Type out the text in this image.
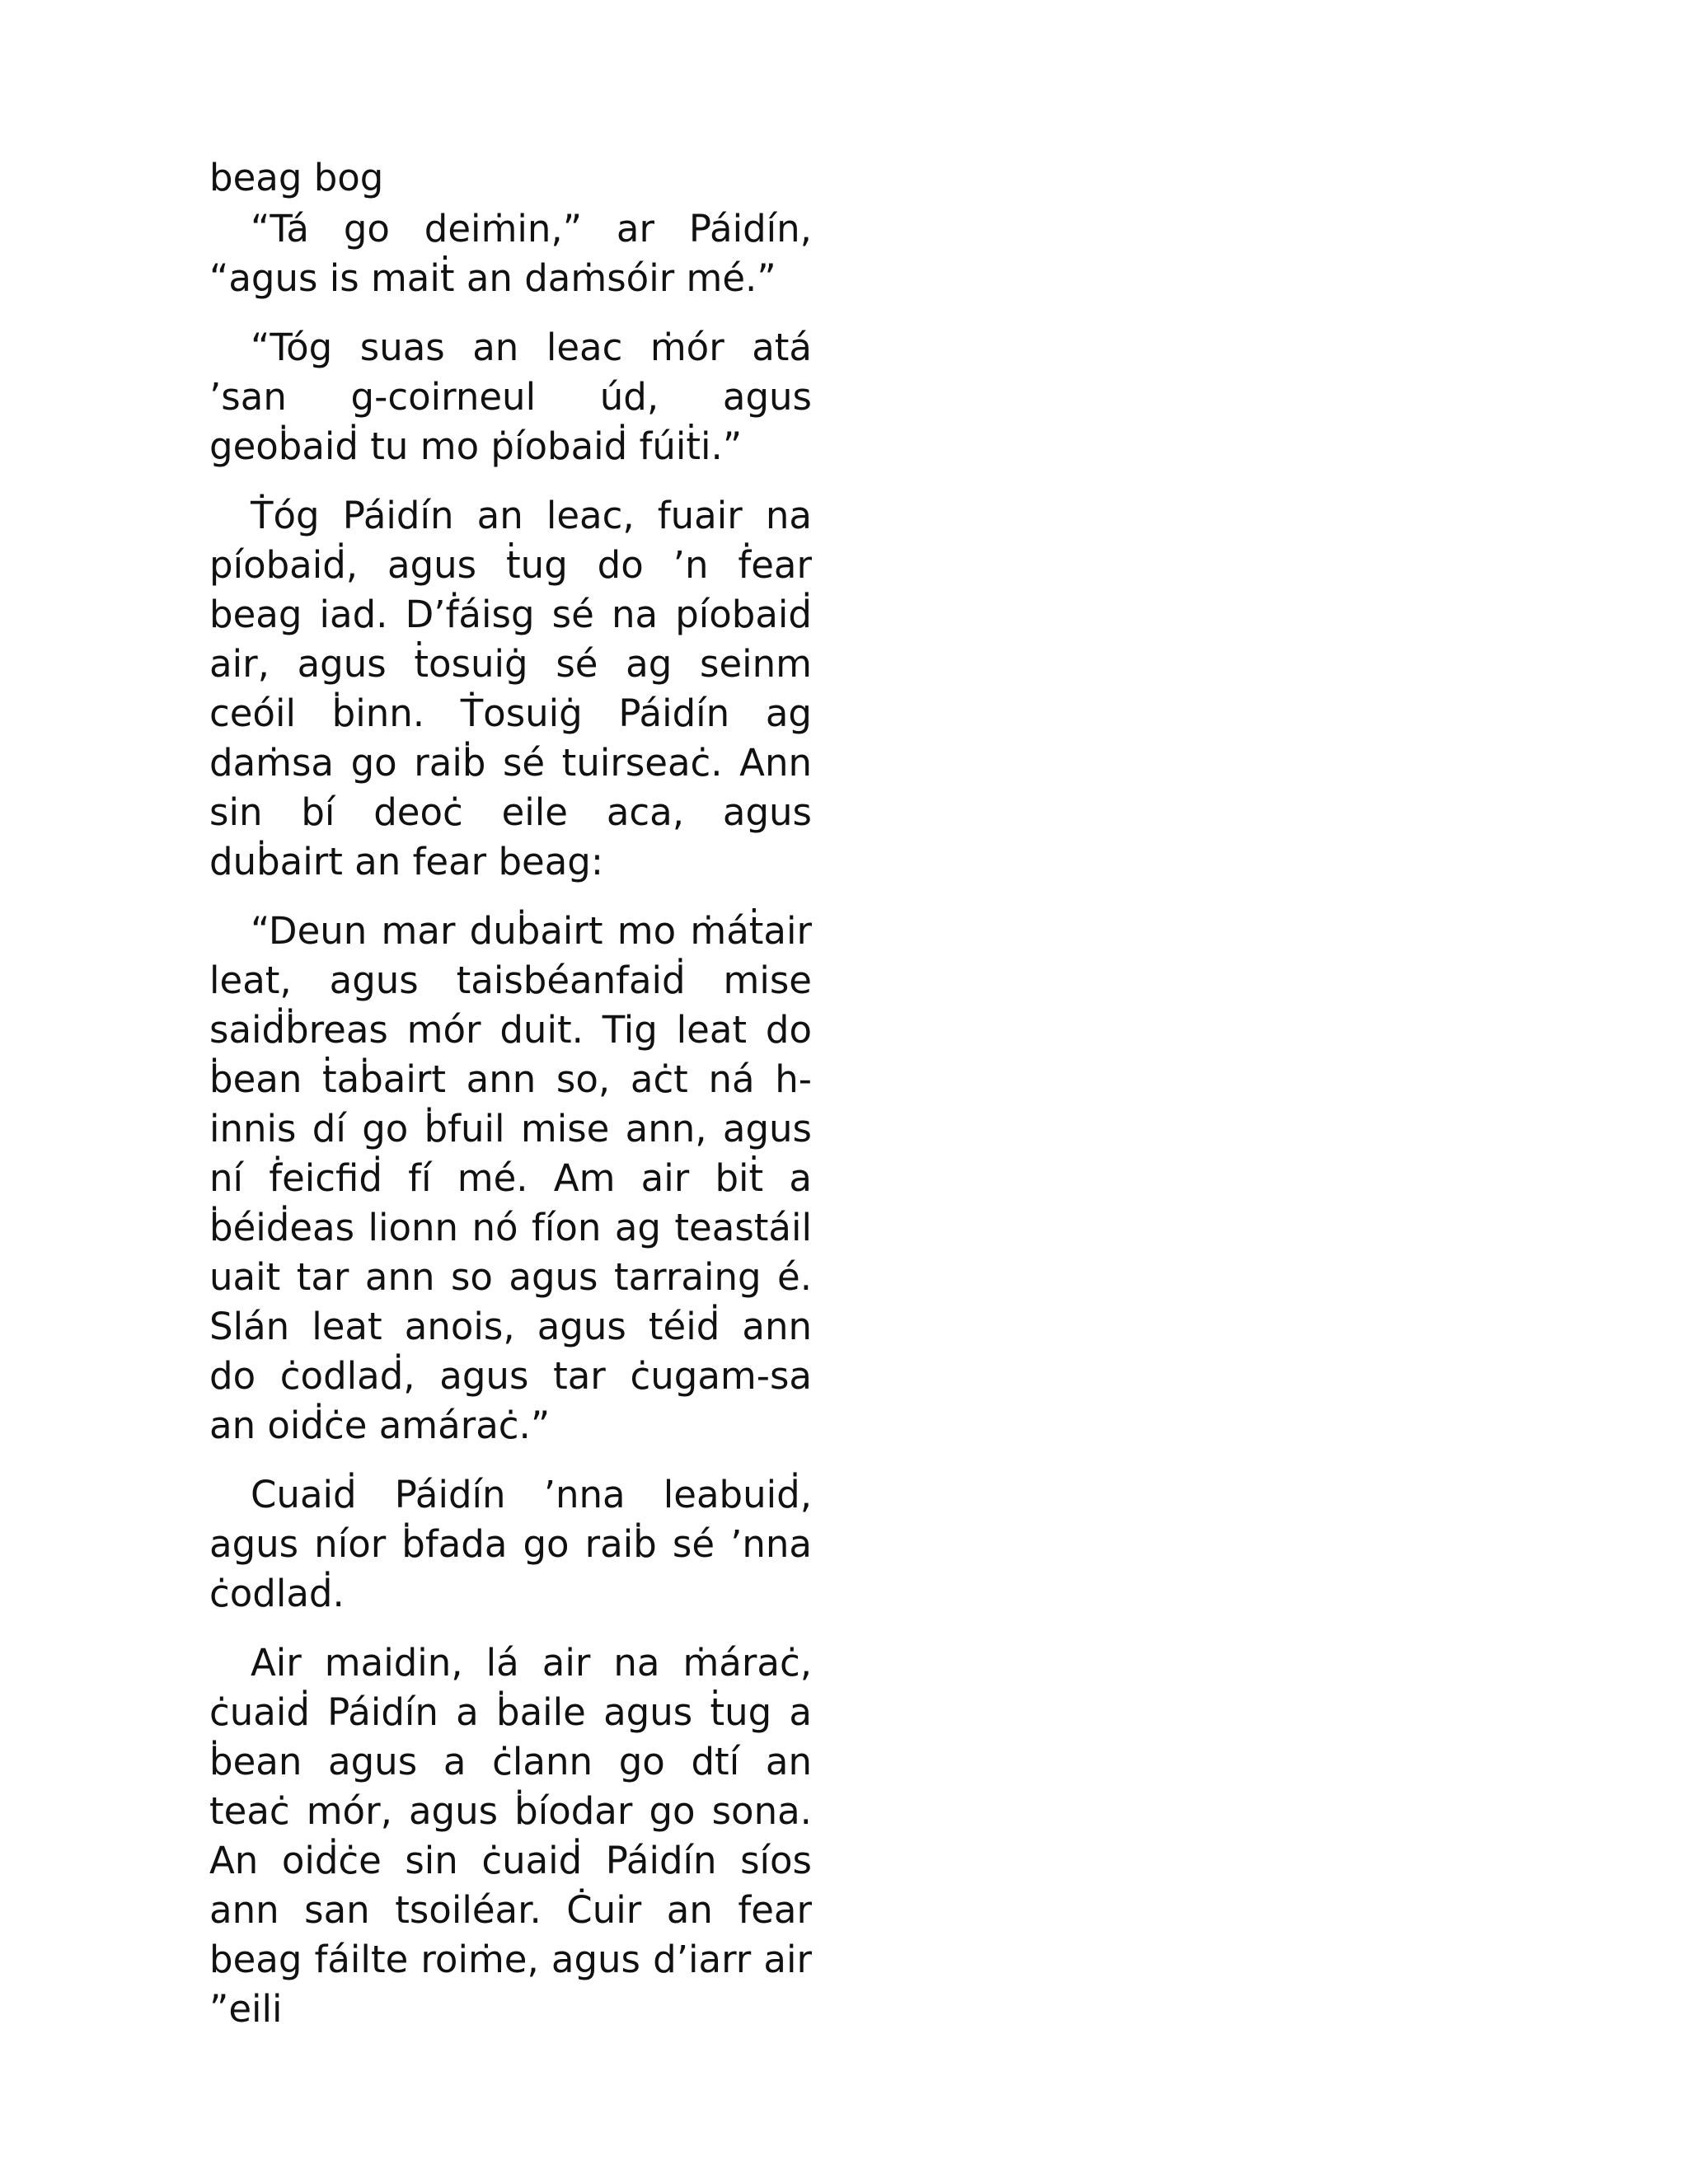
beag bog

“Tá go deiṁin,” ar Páidín, “agus is maiṫ an daṁsóir mé.”

“Tóg suas an leac ṁór atá ’san g-coirneul úd, agus geoḃaiḋ tu mo ṗíobaiḋ fúiṫi.”

Ṫóg Páidín an leac, fuair na píobaiḋ, agus ṫug do ’n ḟear beag iad. D’ḟáisg sé na píobaiḋ air, agus ṫosuiġ sé ag seinm ceóil ḃinn. Ṫosuiġ Páidín ag daṁsa go raiḃ sé tuirseaċ. Ann sin bí deoċ eile aca, agus duḃairt an fear beag:

“Deun mar duḃairt mo ṁáṫair leat, agus taisbéanfaiḋ mise saiḋḃreas mór duit. Tig leat do ḃean ṫaḃairt ann so, aċt ná h-innis dí go ḃfuil mise ann, agus ní ḟeicfiḋ fí mé. Am air biṫ a ḃéiḋeas lionn nó fíon ag teastáil uait tar ann so agus tarraing é. Slán leat anois, agus téiḋ ann do ċodlaḋ, agus tar ċugam-sa an oiḋċe amáraċ.”

Cuaiḋ Páidín ’nna leabuiḋ, agus níor ḃfada go raiḃ sé ’nna ċodlaḋ.

Air maidin, lá air na ṁáraċ, ċuaiḋ Páidín a ḃaile agus ṫug a ḃean agus a ċlann go dtí an teaċ mór, agus ḃíodar go sona. An oiḋċe sin ċuaiḋ Páidín síos ann san tsoiléar. Ċuir an fear beag fáilte roiṁe, agus d’iarr air ”eili
